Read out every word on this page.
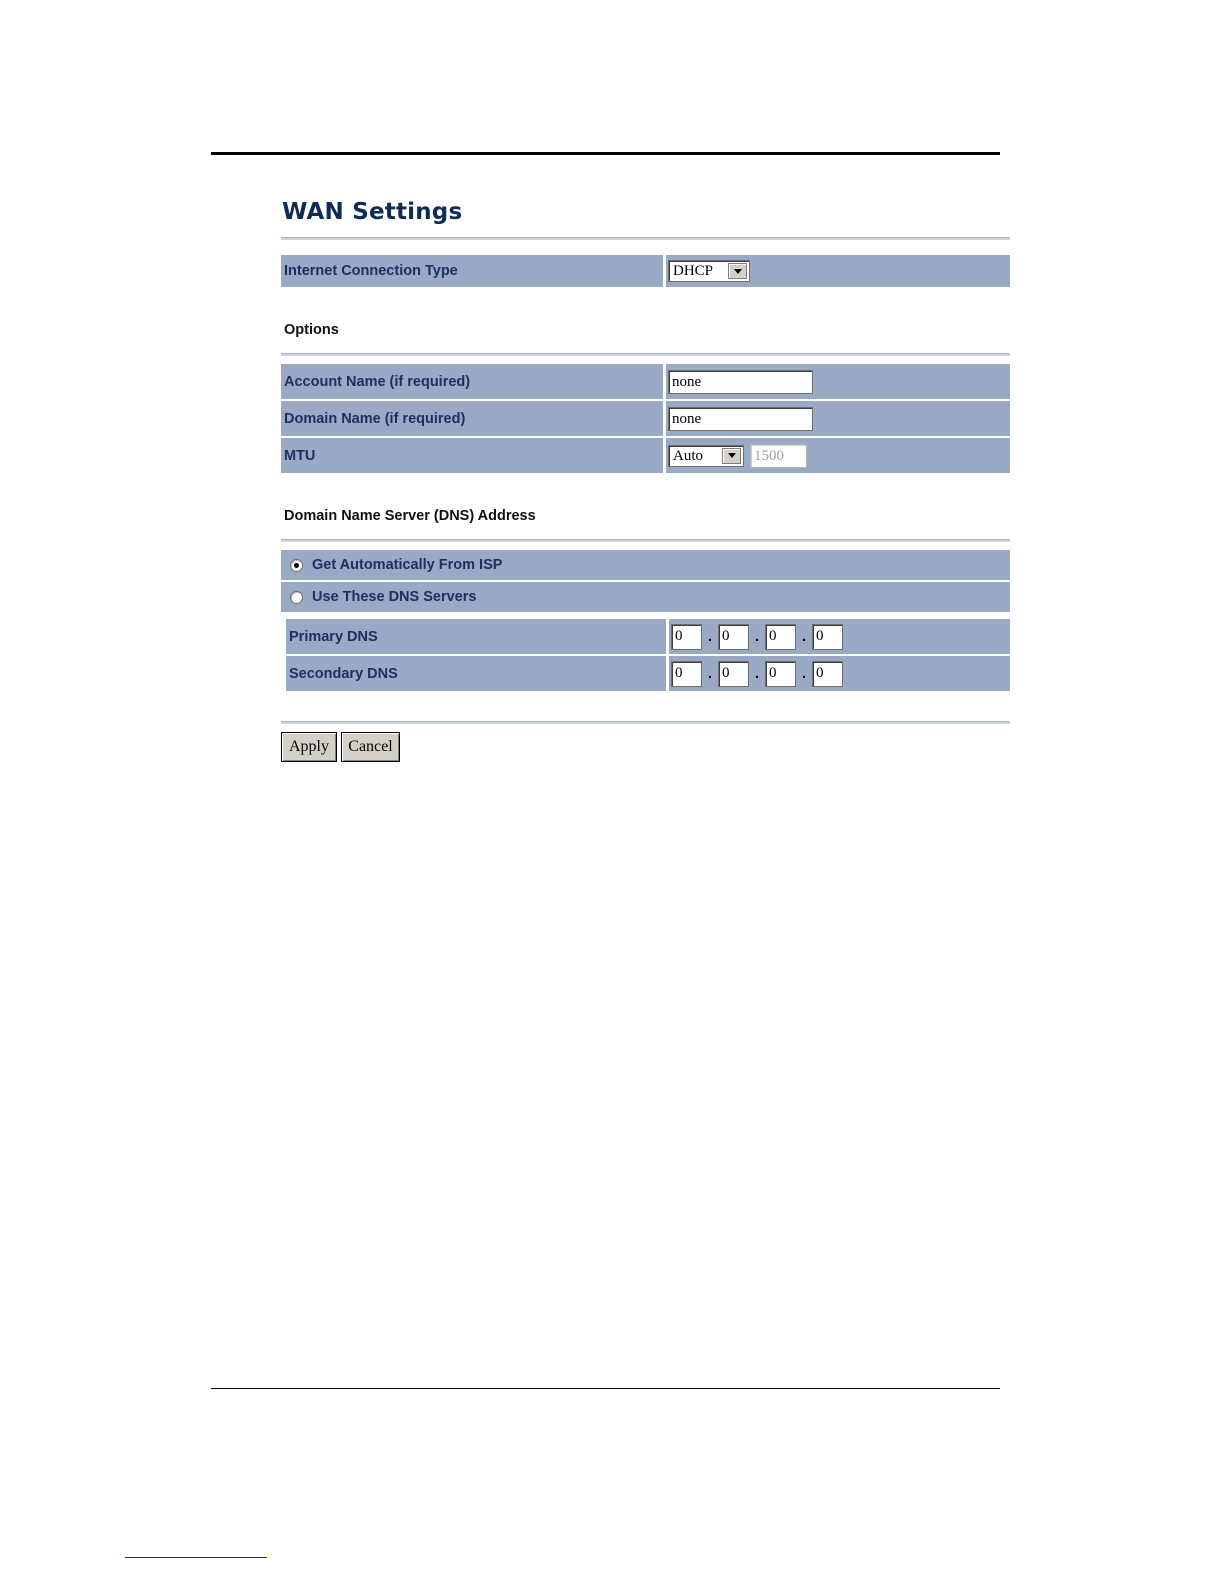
WAN Settings
Internet Connection Type	DHCP
Options
Account Name (if required)	none
Domain Name (if required)	none
MTU	Auto	1500
Domain Name Server (DNS) Address
Get Automatically From ISP
Use These DNS Servers
Primary DNS	0	. 0	. 0	. 0
Secondary DNS	0	. 0	. 0	. 0
Apply	Cancel
